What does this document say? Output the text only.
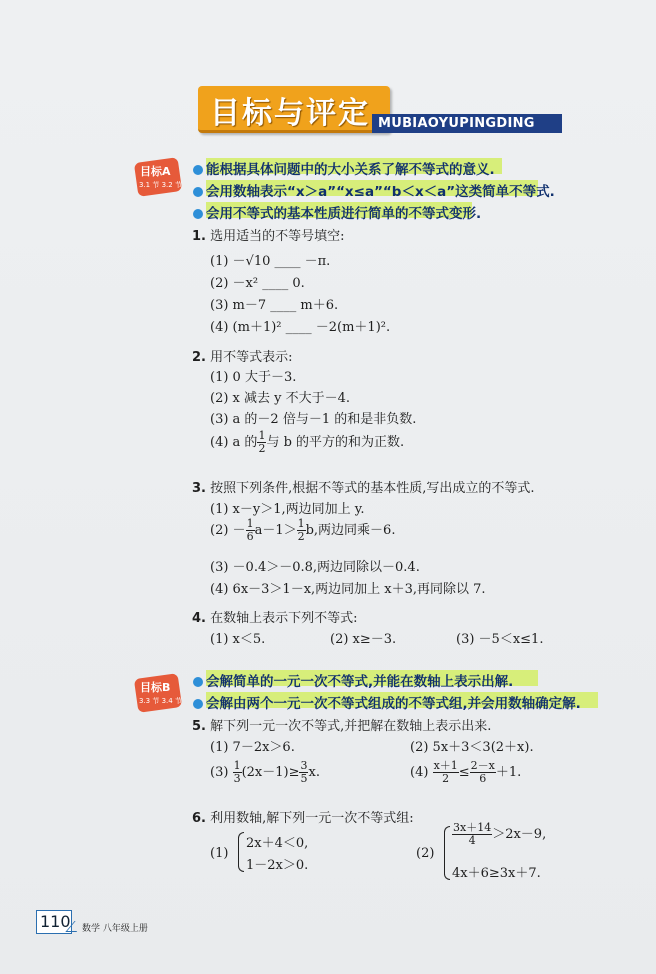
目标与评定 MUBIAOYUPINGDING
目标A
3.1 节 3.2 节
能根据具体问题中的大小关系了解不等式的意义.
会用数轴表示“x＞a”“x≤a”“b＜x＜a”这类简单不等式.
会用不等式的基本性质进行简单的不等式变形.
1. 选用适当的不等号填空:
(1) －√10 ____ －π.
(2) －x² ____ 0.
(3) m－7 ____ m＋6.
(4) (m＋1)² ____ －2(m＋1)².
2. 用不等式表示:
(1) 0 大于－3.
(2) x 减去 y 不大于－4.
(3) a 的－2 倍与－1 的和是非负数.
(4) a 的 $\frac{1}{2}$ 与 b 的平方的和为正数.
3. 按照下列条件,根据不等式的基本性质,写出成立的不等式.
(1) x－y＞1,两边同加上 y.
$(2) - \frac{1}{6} a-1> \frac{1}{2} b$,两边同乘－6.
(3) －0.4＞－0.8,两边同除以－0.4.
(4) 6x－3＞1－x,两边同加上 x＋3,再同除以 7.
4. 在数轴上表示下列不等式:
(1) x＜5.	(2) x≥－3.	(3) －5＜x≤1.
目标B
3.3 节 3.4 节
会解简单的一元一次不等式,并能在数轴上表示出解.
会解由两个一元一次不等式组成的不等式组,并会用数轴确定解.
5. 解下列一元一次不等式,并把解在数轴上表示出来.
(1) 7－2x＞6.	(2) 5x＋3＜3(2＋x).
$(3) \frac{1}{3} (2x-1)\ge \frac{3}{5} x$.	$(4) \frac{x+1}{2} \le \frac{2-x}{6} +1$.
6. 利用数轴,解下列一元一次不等式组:
(1)
2x＋4＜0,
1－2x＞0.
(2)
$\frac{3x+14}{4} >2x-9$,
4x＋6≥3x＋7.
110 数学 八年级上册
